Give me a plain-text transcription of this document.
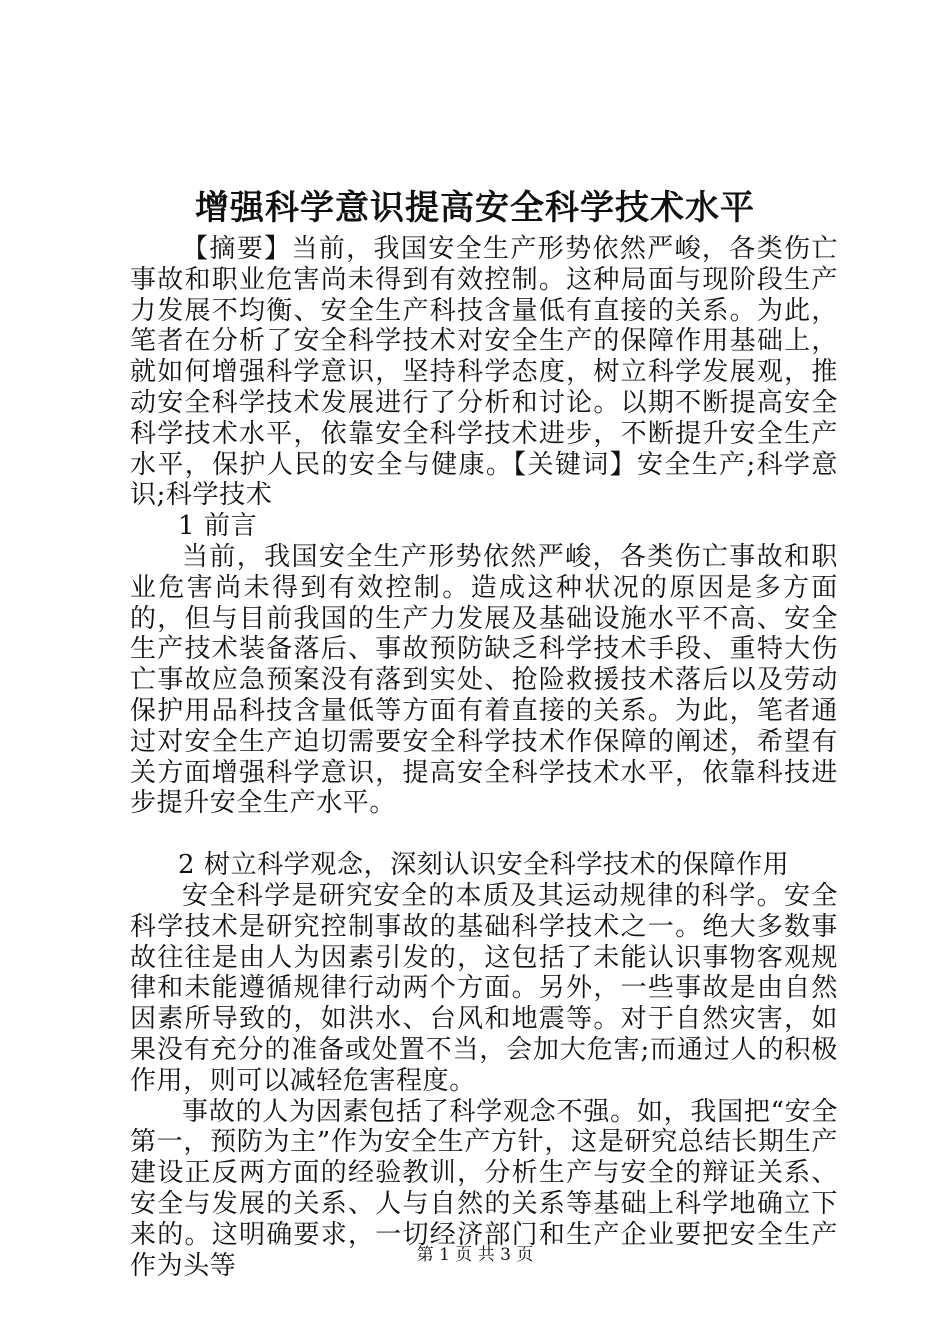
增强科学意识提高安全科学技术水平

【摘要】当前，我国安全生产形势依然严峻，各类伤亡事故和职业危害尚未得到有效控制。这种局面与现阶段生产力发展不均衡、安全生产科技含量低有直接的关系。为此，笔者在分析了安全科学技术对安全生产的保障作用基础上，就如何增强科学意识，坚持科学态度，树立科学发展观，推动安全科学技术发展进行了分析和讨论。以期不断提高安全科学技术水平，依靠安全科学技术进步，不断提升安全生产水平，保护人民的安全与健康。【关键词】安全生产;科学意识;科学技术

1 前言

当前，我国安全生产形势依然严峻，各类伤亡事故和职业危害尚未得到有效控制。造成这种状况的原因是多方面的，但与目前我国的生产力发展及基础设施水平不高、安全生产技术装备落后、事故预防缺乏科学技术手段、重特大伤亡事故应急预案没有落到实处、抢险救援技术落后以及劳动保护用品科技含量低等方面有着直接的关系。为此，笔者通过对安全生产迫切需要安全科学技术作保障的阐述，希望有关方面增强科学意识，提高安全科学技术水平，依靠科技进步提升安全生产水平。

2 树立科学观念，深刻认识安全科学技术的保障作用

安全科学是研究安全的本质及其运动规律的科学。安全科学技术是研究控制事故的基础科学技术之一。绝大多数事故往往是由人为因素引发的，这包括了未能认识事物客观规律和未能遵循规律行动两个方面。另外，一些事故是由自然因素所导致的，如洪水、台风和地震等。对于自然灾害，如果没有充分的准备或处置不当，会加大危害;而通过人的积极作用，则可以减轻危害程度。

事故的人为因素包括了科学观念不强。如，我国把“安全第一，预防为主”作为安全生产方针，这是研究总结长期生产建设正反两方面的经验教训，分析生产与安全的辩证关系、安全与发展的关系、人与自然的关系等基础上科学地确立下来的。这明确要求，一切经济部门和生产企业要把安全生产作为头等	第 1 页 共 3 页
